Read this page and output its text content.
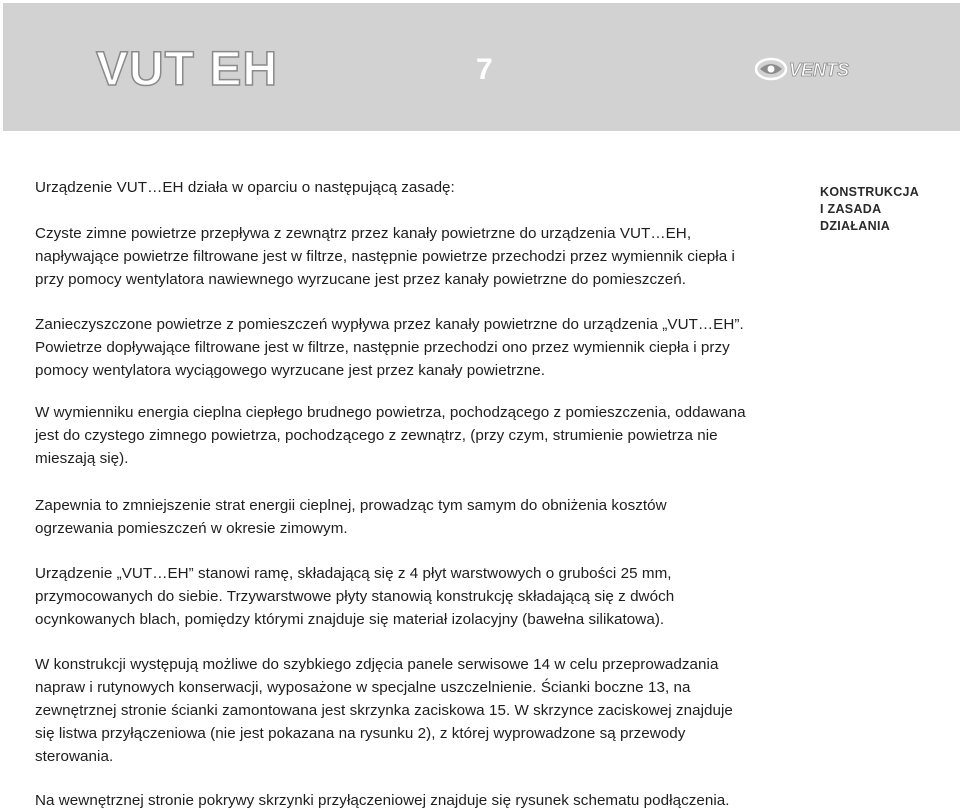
VUT EH	7	VENTS
KONSTRUKCJA
I ZASADA
DZIAŁANIA

Urządzenie VUT…EH działa w oparciu o następującą zasadę:

Czyste zimne powietrze przepływa z zewnątrz przez kanały powietrzne do urządzenia VUT…EH,
napływające powietrze filtrowane jest w filtrze, następnie powietrze przechodzi przez wymiennik ciepła i
przy pomocy wentylatora nawiewnego wyrzucane jest przez kanały powietrzne do pomieszczeń.

Zanieczyszczone powietrze z pomieszczeń wypływa przez kanały powietrzne do urządzenia „VUT…EH”.
Powietrze dopływające filtrowane jest w filtrze, następnie przechodzi ono przez wymiennik ciepła i przy
pomocy wentylatora wyciągowego wyrzucane jest przez kanały powietrzne.

W wymienniku energia cieplna ciepłego brudnego powietrza, pochodzącego z pomieszczenia, oddawana
jest do czystego zimnego powietrza, pochodzącego z zewnątrz, (przy czym, strumienie powietrza nie
mieszają się).

Zapewnia to zmniejszenie strat energii cieplnej, prowadząc tym samym do obniżenia kosztów
ogrzewania pomieszczeń w okresie zimowym.

Urządzenie „VUT…EH” stanowi ramę, składającą się z 4 płyt warstwowych o grubości 25 mm,
przymocowanych do siebie. Trzywarstwowe płyty stanowią konstrukcję składającą się z dwóch
ocynkowanych blach, pomiędzy którymi znajduje się materiał izolacyjny (bawełna silikatowa).

W konstrukcji występują możliwe do szybkiego zdjęcia panele serwisowe 14 w celu przeprowadzania
napraw i rutynowych konserwacji, wyposażone w specjalne uszczelnienie. Ścianki boczne 13, na
zewnętrznej stronie ścianki zamontowana jest skrzynka zaciskowa 15. W skrzynce zaciskowej znajduje
się listwa przyłączeniowa (nie jest pokazana na rysunku 2), z której wyprowadzone są przewody
sterowania.

Na wewnętrznej stronie pokrywy skrzynki przyłączeniowej znajduje się rysunek schematu podłączenia.
